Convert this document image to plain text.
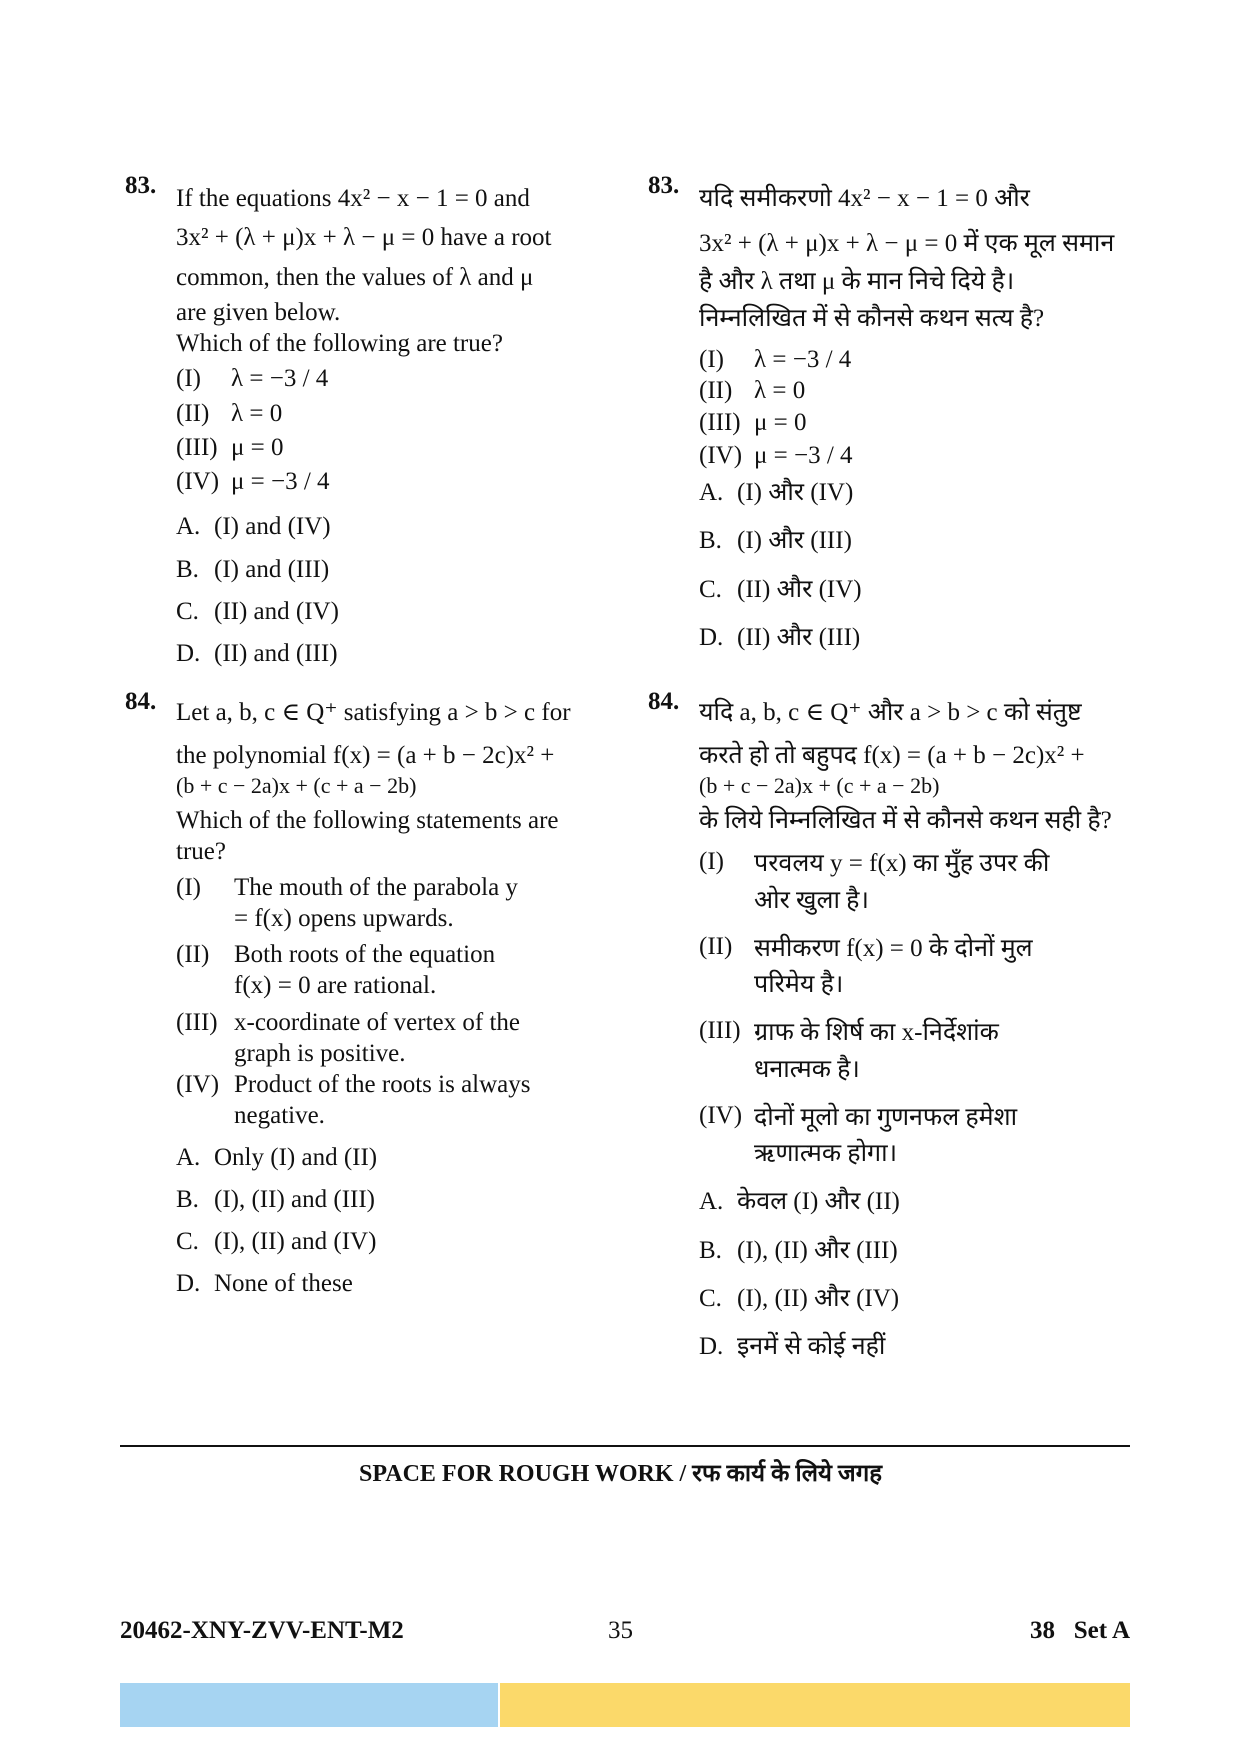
83. If the equations 4x² − x − 1 = 0 and
3x² + (λ + μ)x + λ − μ = 0 have a root
common, then the values of λ and μ
are given below.
Which of the following are true?
(I)	λ = −3 / 4
(II) λ = 0
(III) μ = 0
(IV) μ = −3 / 4
A. (I) and (IV)
B. (I) and (III)
C. (II) and (IV)
D. (II) and (III)
83. यदि समीकरणो 4x² − x − 1 = 0 और
3x² + (λ + μ)x + λ − μ = 0 में एक मूल समान
है और λ तथा μ के मान निचे दिये है।
निम्नलिखित में से कौनसे कथन सत्य है?
(I)	λ = −3 / 4
(II) λ = 0
(III) μ = 0
(IV) μ = −3 / 4
A. (I) और (IV)
B. (I) और (III)
C. (II) और (IV)
D. (II) और (III)
84. Let a, b, c ∈ Q⁺ satisfying a > b > c for
the polynomial f(x) = (a + b − 2c)x² +
(b + c − 2a)x + (c + a − 2b)
Which of the following statements are
true?
(I)	The mouth of the parabola y = f(x) opens upwards.
(II) Both roots of the equation f(x) = 0 are rational.
(III) x-coordinate of vertex of the graph is positive.
(IV) Product of the roots is always negative.
A. Only (I) and (II)
B. (I), (II) and (III)
C. (I), (II) and (IV)
D. None of these
84. यदि a, b, c ∈ Q⁺ और a > b > c को संतुष्ट
करते हो तो बहुपद f(x) = (a + b − 2c)x² +
(b + c − 2a)x + (c + a − 2b)
के लिये निम्नलिखित में से कौनसे कथन सही है?
(I)	परवलय y = f(x) का मुँह उपर की ओर खुला है।
(II) समीकरण f(x) = 0 के दोनों मुल परिमेय है।
(III) ग्राफ के शिर्ष का x-निर्देशांक धनात्मक है।
(IV) दोनों मूलो का गुणनफल हमेशा ऋणात्मक होगा।
A. केवल (I) और (II)
B. (I), (II) और (III)
C. (I), (II) और (IV)
D. इनमें से कोई नहीं
SPACE FOR ROUGH WORK / रफ कार्य के लिये जगह
20462-XNY-ZVV-ENT-M2	35	38   Set A
